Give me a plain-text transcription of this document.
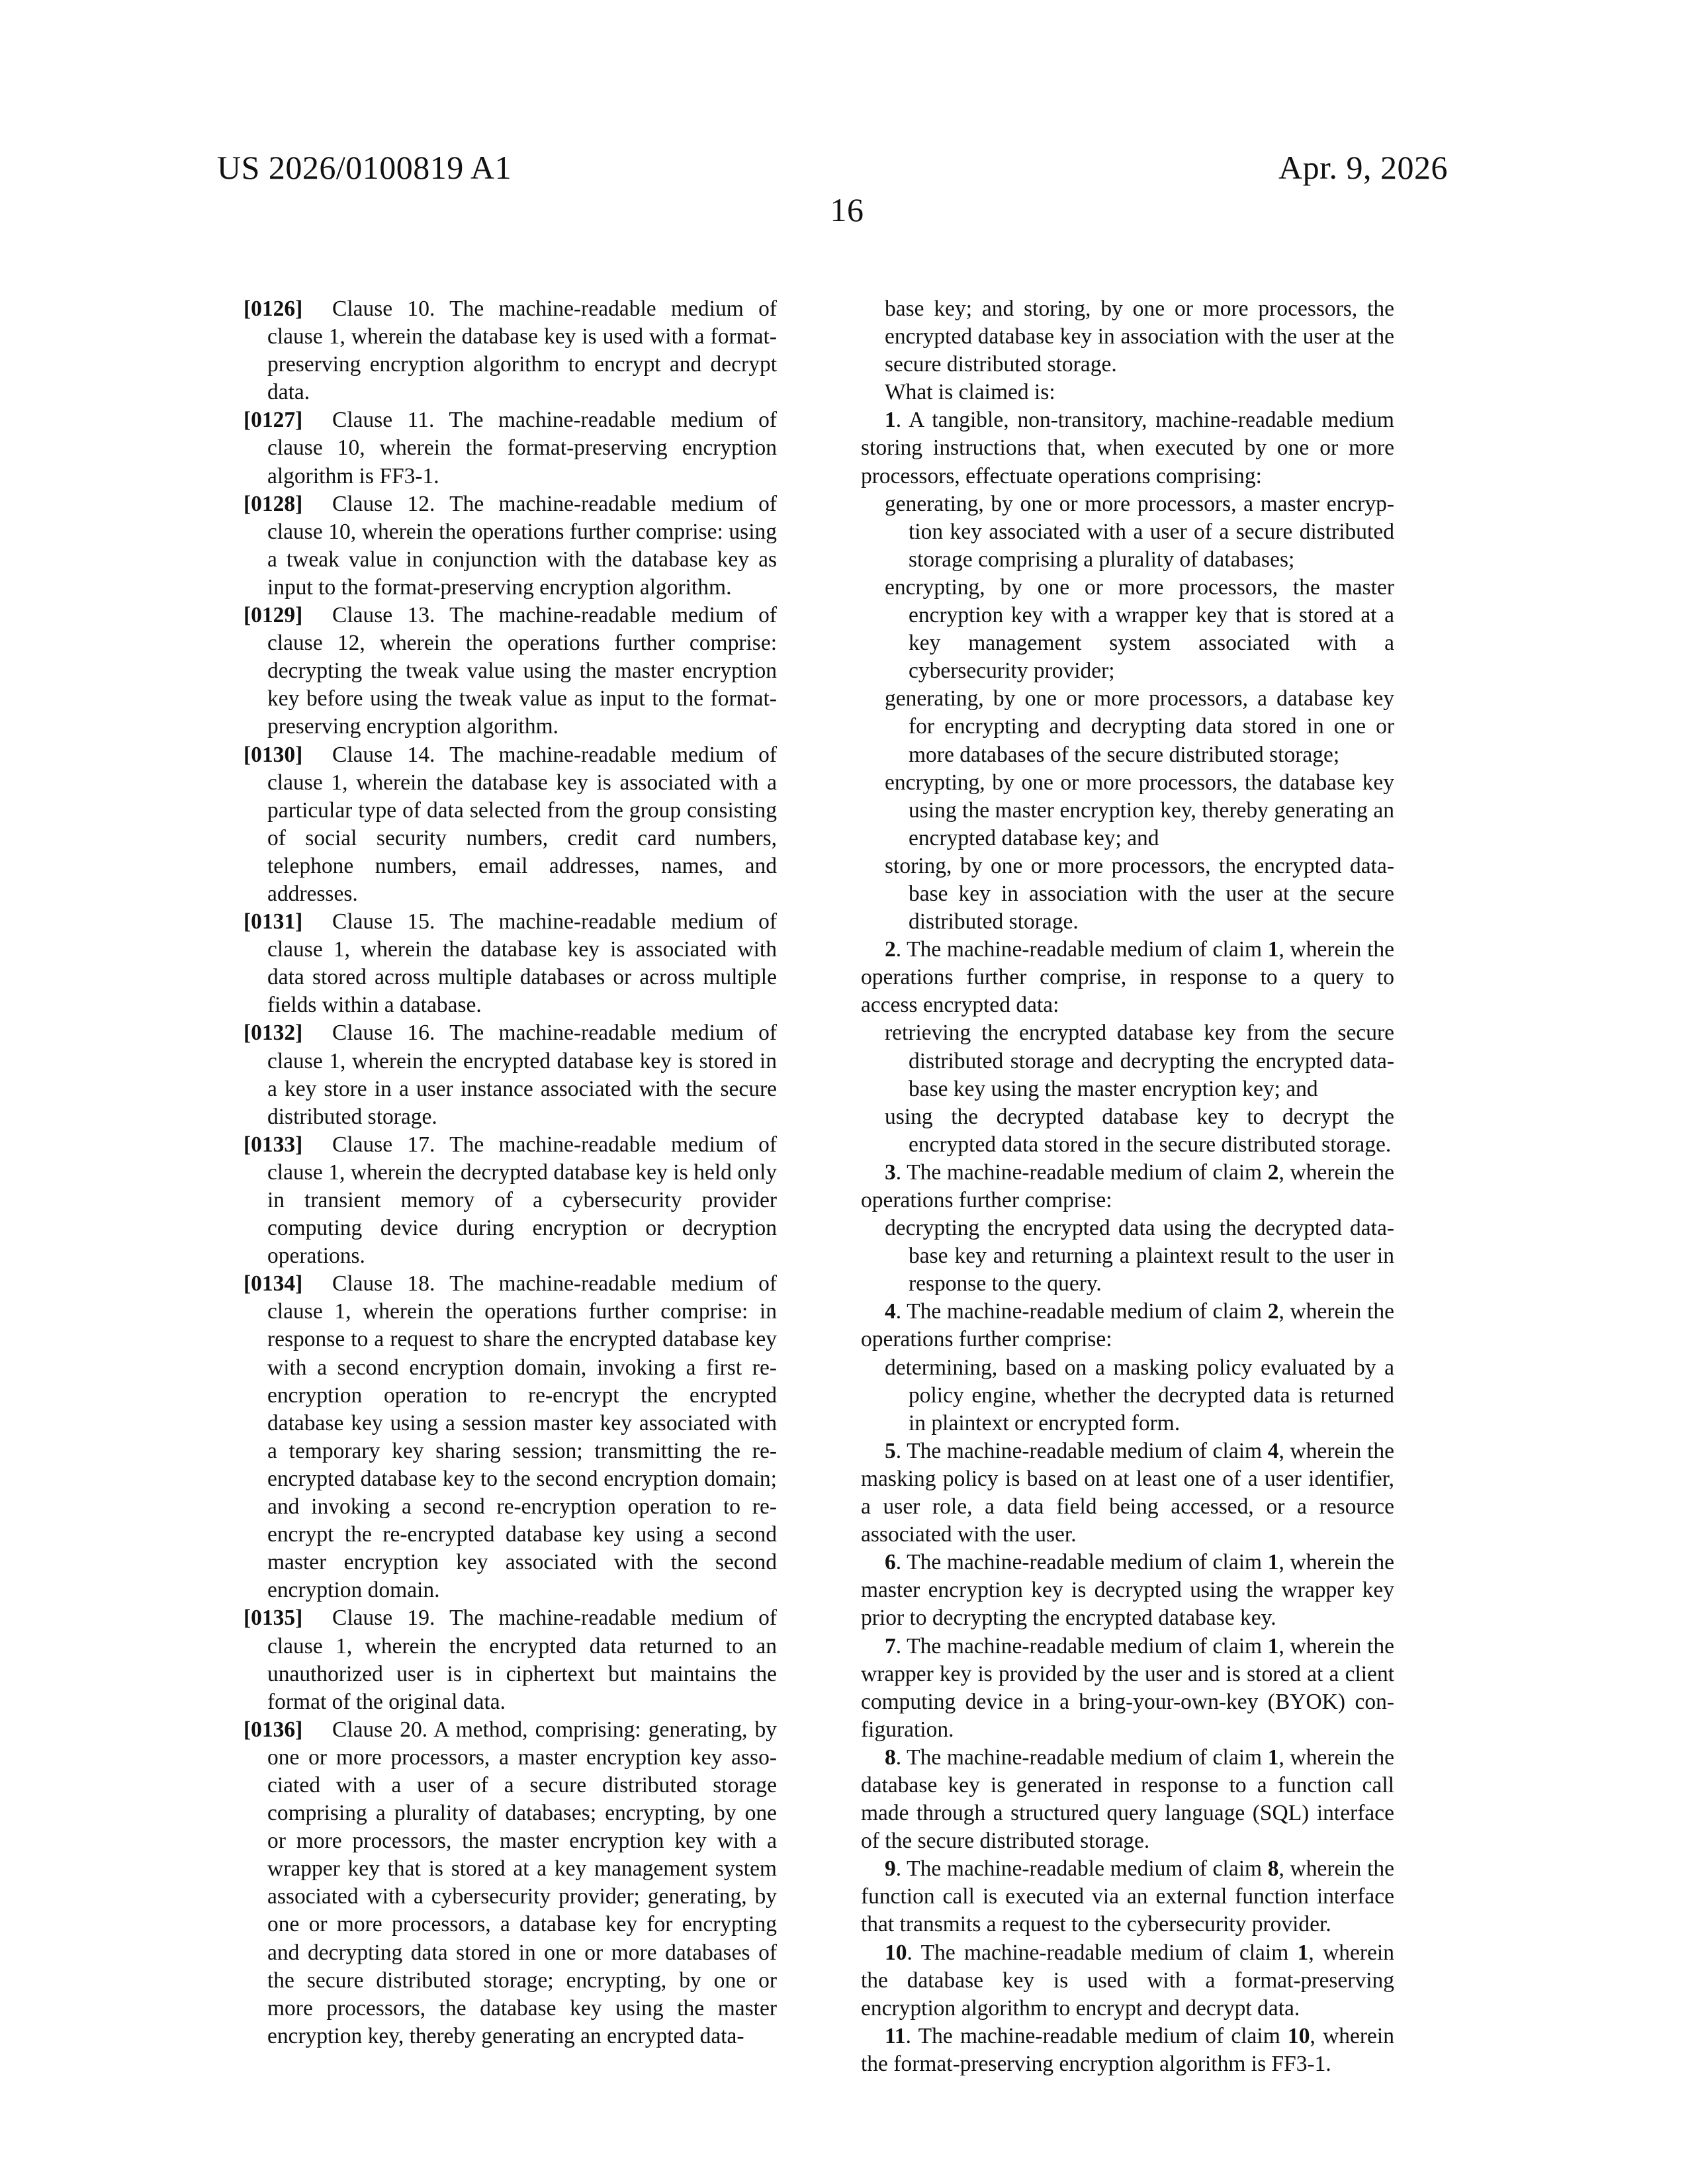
US 2026/0100819 A1	Apr. 9, 2026
16

[0126] Clause 10. The machine-readable medium of clause 1, wherein the database key is used with a format-preserving encryption algorithm to encrypt and decrypt data.

[0127] Clause 11. The machine-readable medium of clause 10, wherein the format-preserving encryption algorithm is FF3-1.

[0128] Clause 12. The machine-readable medium of clause 10, wherein the operations further comprise: using a tweak value in conjunction with the database key as input to the format-preserving encryption algorithm.

[0129] Clause 13. The machine-readable medium of clause 12, wherein the operations further comprise: decrypting the tweak value using the master encryption key before using the tweak value as input to the format-preserving encryption algorithm.

[0130] Clause 14. The machine-readable medium of clause 1, wherein the database key is associated with a particular type of data selected from the group consisting of social security numbers, credit card numbers, telephone numbers, email addresses, names, and addresses.

[0131] Clause 15. The machine-readable medium of clause 1, wherein the database key is associated with data stored across multiple databases or across multiple fields within a database.

[0132] Clause 16. The machine-readable medium of clause 1, wherein the encrypted database key is stored in a key store in a user instance associated with the secure distributed storage.

[0133] Clause 17. The machine-readable medium of clause 1, wherein the decrypted database key is held only in transient memory of a cybersecurity provider computing device during encryption or decryption operations.

[0134] Clause 18. The machine-readable medium of clause 1, wherein the operations further comprise: in response to a request to share the encrypted database key with a second encryption domain, invoking a first re-encryption operation to re-encrypt the encrypted database key using a session master key associated with a temporary key sharing session; transmitting the re-encrypted database key to the second encryption domain; and invoking a second re-encryption operation to re-encrypt the re-encrypted database key using a second master encryption key associated with the second encryption domain.

[0135] Clause 19. The machine-readable medium of clause 1, wherein the encrypted data returned to an unauthorized user is in ciphertext but maintains the format of the original data.

[0136] Clause 20. A method, comprising: generating, by one or more processors, a master encryption key associated with a user of a secure distributed storage comprising a plurality of databases; encrypting, by one or more processors, the master encryption key with a wrapper key that is stored at a key management system associated with a cybersecurity provider; generating, by one or more processors, a database key for encrypting and decrypting data stored in one or more databases of the secure distributed storage; encrypting, by one or more processors, the database key using the master encryption key, thereby generating an encrypted data-

base key; and storing, by one or more processors, the encrypted database key in association with the user at the secure distributed storage.

What is claimed is:

1. A tangible, non-transitory, machine-readable medium storing instructions that, when executed by one or more processors, effectuate operations comprising:

generating, by one or more processors, a master encryption key associated with a user of a secure distributed storage comprising a plurality of databases;

encrypting, by one or more processors, the master encryption key with a wrapper key that is stored at a key management system associated with a cybersecurity provider;

generating, by one or more processors, a database key for encrypting and decrypting data stored in one or more databases of the secure distributed storage;

encrypting, by one or more processors, the database key using the master encryption key, thereby generating an encrypted database key; and

storing, by one or more processors, the encrypted database key in association with the user at the secure distributed storage.

2. The machine-readable medium of claim 1, wherein the operations further comprise, in response to a query to access encrypted data:

retrieving the encrypted database key from the secure distributed storage and decrypting the encrypted database key using the master encryption key; and

using the decrypted database key to decrypt the encrypted data stored in the secure distributed storage.

3. The machine-readable medium of claim 2, wherein the operations further comprise:

decrypting the encrypted data using the decrypted database key and returning a plaintext result to the user in response to the query.

4. The machine-readable medium of claim 2, wherein the operations further comprise:

determining, based on a masking policy evaluated by a policy engine, whether the decrypted data is returned in plaintext or encrypted form.

5. The machine-readable medium of claim 4, wherein the masking policy is based on at least one of a user identifier, a user role, a data field being accessed, or a resource associated with the user.

6. The machine-readable medium of claim 1, wherein the master encryption key is decrypted using the wrapper key prior to decrypting the encrypted database key.

7. The machine-readable medium of claim 1, wherein the wrapper key is provided by the user and is stored at a client computing device in a bring-your-own-key (BYOK) configuration.

8. The machine-readable medium of claim 1, wherein the database key is generated in response to a function call made through a structured query language (SQL) interface of the secure distributed storage.

9. The machine-readable medium of claim 8, wherein the function call is executed via an external function interface that transmits a request to the cybersecurity provider.

10. The machine-readable medium of claim 1, wherein the database key is used with a format-preserving encryption algorithm to encrypt and decrypt data.

11. The machine-readable medium of claim 10, wherein the format-preserving encryption algorithm is FF3-1.
